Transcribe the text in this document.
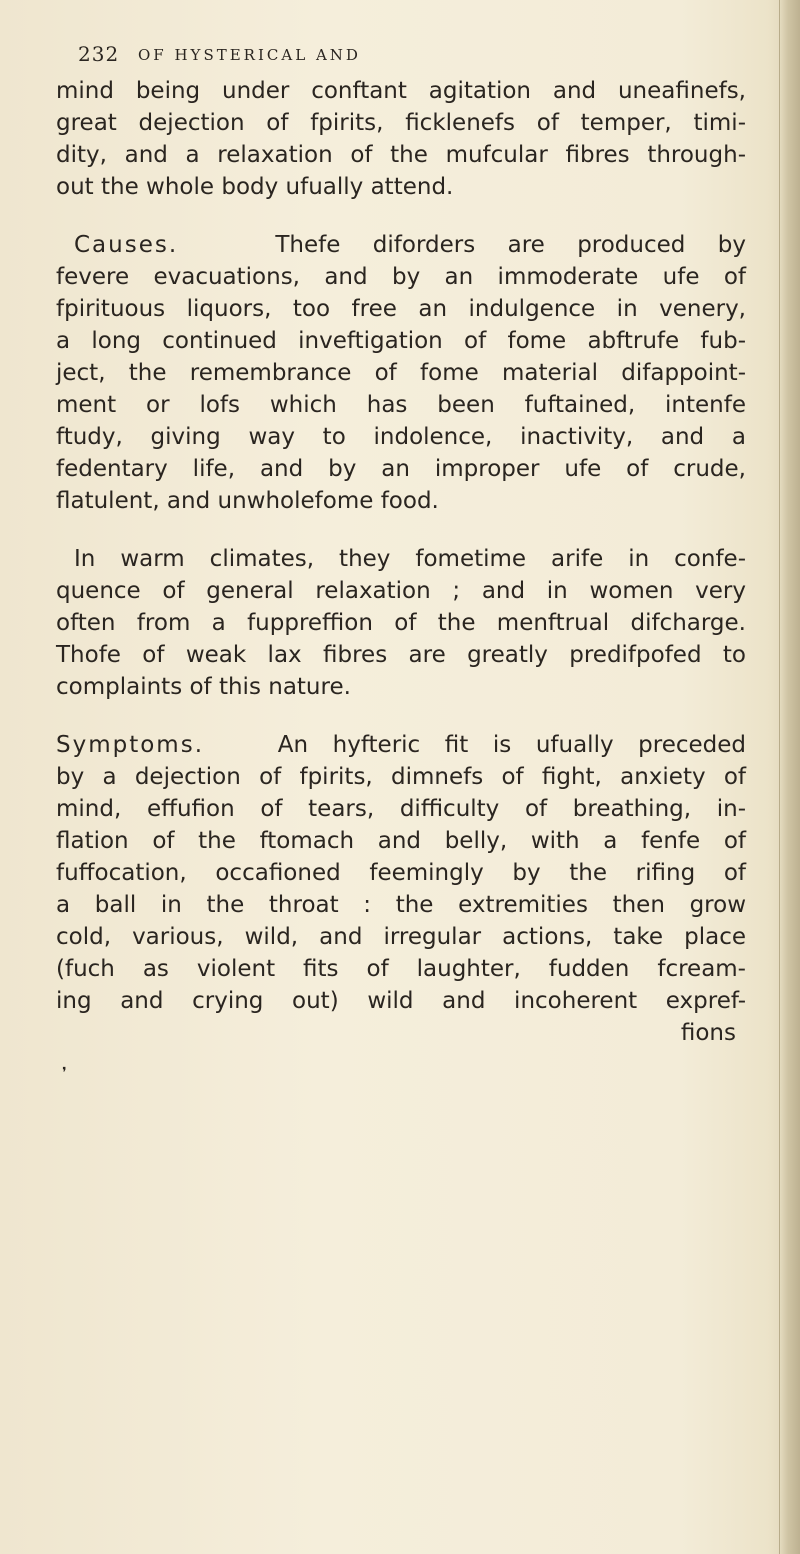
232 OF HYSTERICAL AND
mind being under conftant agitation and uneafinefs,
great dejection of fpirits, ficklenefs of temper, timi-
dity, and a relaxation of the mufcular fibres through-
out the whole body ufually attend.
Causes.	Thefe diforders are produced by
fevere evacuations, and by an immoderate ufe of
fpirituous liquors, too free an indulgence in venery,
a long continued inveftigation of fome abftrufe fub-
ject, the remembrance of fome material difappoint-
ment or lofs which has been fuftained, intenfe
ftudy, giving way to indolence, inactivity, and a
fedentary life, and by an improper ufe of crude,
flatulent, and unwholefome food.
In warm climates, they fometime arife in confe-
quence of general relaxation ; and in women very
often from a fuppreffion of the menftrual difcharge.
Thofe of weak lax fibres are greatly predifpofed to
complaints of this nature.
Symptoms.	An hyfteric fit is ufually preceded
by a dejection of fpirits, dimnefs of fight, anxiety of
mind, effufion of tears, difficulty of breathing, in-
flation of the ftomach and belly, with a fenfe of
fuffocation, occafioned feemingly by the rifing of
a ball in the throat : the extremities then grow
cold, various, wild, and irregular actions, take place
(fuch as violent fits of laughter, fudden fcream-
ing and crying out) wild and incoherent expref-
fions
❜
